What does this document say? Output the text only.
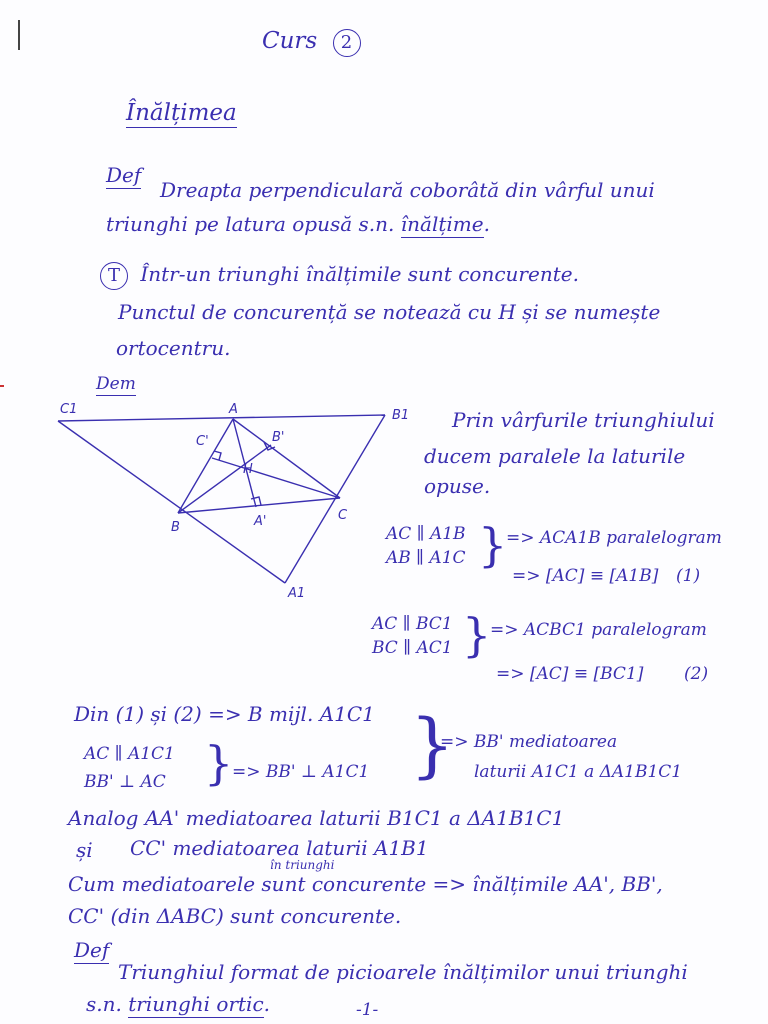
Curs 2
Înălțimea
Def
Dreapta perpendiculară coborâtă din vârful unui
triunghi pe latura opusă s.n. înălțime.
T Într-un triunghi înălțimile sunt concurente.
Punctul de concurență se notează cu H și se numește
ortocentru.
Dem
C1	A	B1
C'	B'
H
B	A'	C
A1
Prin vârfurile triunghiului
ducem paralele la laturile
opuse.
AC ∥ A1B
AB ∥ A1C }
=> ACA1B paralelogram
=> [AC] ≡ [A1B] (1)
AC ∥ BC1
BC ∥ AC1 }
=> ACBC1 paralelogram
=> [AC] ≡ [BC1] (2)
Din (1) și (2) => B mijl. A1C1
AC ∥ A1C1
BB' ⊥ AC }
=> BB' ⊥ A1C1 }
=> BB' mediatoarea
laturii A1C1 a ΔA1B1C1
Analog AA' mediatoarea laturii B1C1 a ΔA1B1C1
și CC' mediatoarea laturii A1B1
în triunghi
Cum mediatoarele sunt concurente => înălțimile AA', BB',
CC' (din ΔABC) sunt concurente.
Def
Triunghiul format de picioarele înălțimilor unui triunghi
s.n. triunghi ortic.	-1-
